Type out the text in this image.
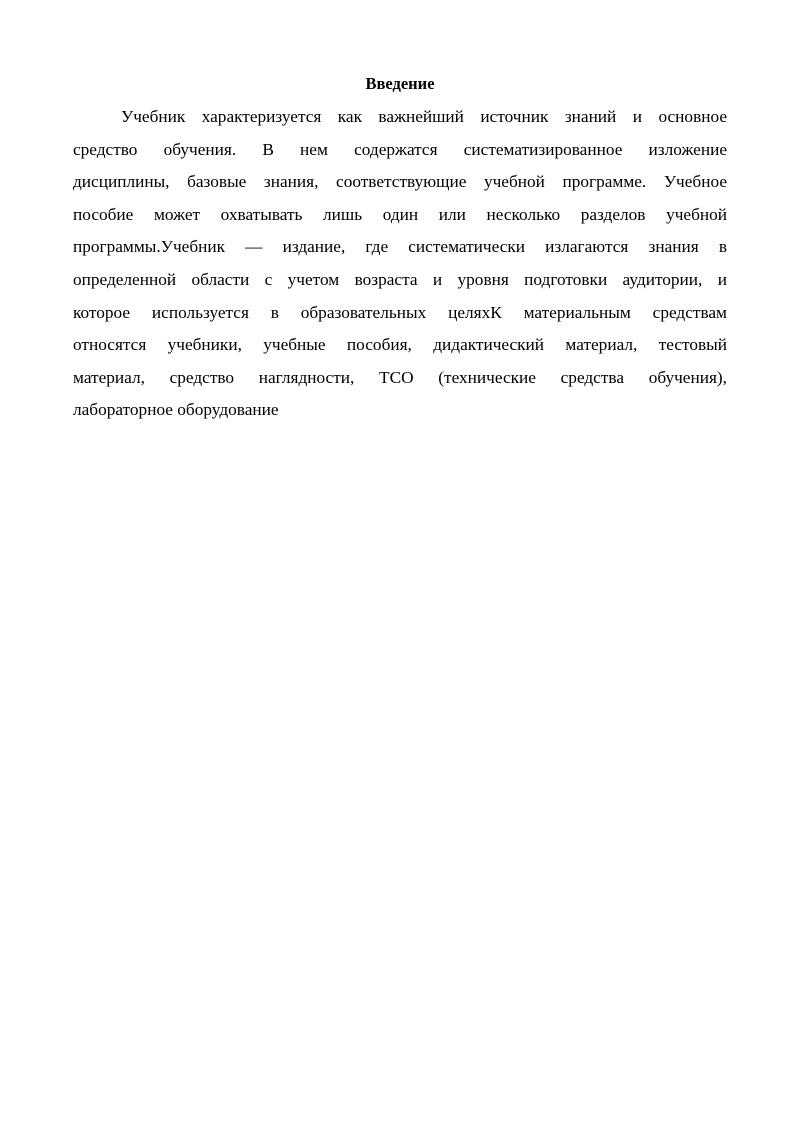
Введение
Учебник характеризуется как важнейший источник знаний и основное
средство обучения. В нем содержатся систематизированное изложение
дисциплины, базовые знания, соответствующие учебной программе. Учебное
пособие может охватывать лишь один или несколько разделов учебной
программы.Учебник — издание, где систематически излагаются знания в
определенной области с учетом возраста и уровня подготовки аудитории, и
которое используется в образовательных целяхК материальным средствам
относятся учебники, учебные пособия, дидактический материал, тестовый
материал, средство наглядности, ТСО (технические средства обучения),
лабораторное оборудование
